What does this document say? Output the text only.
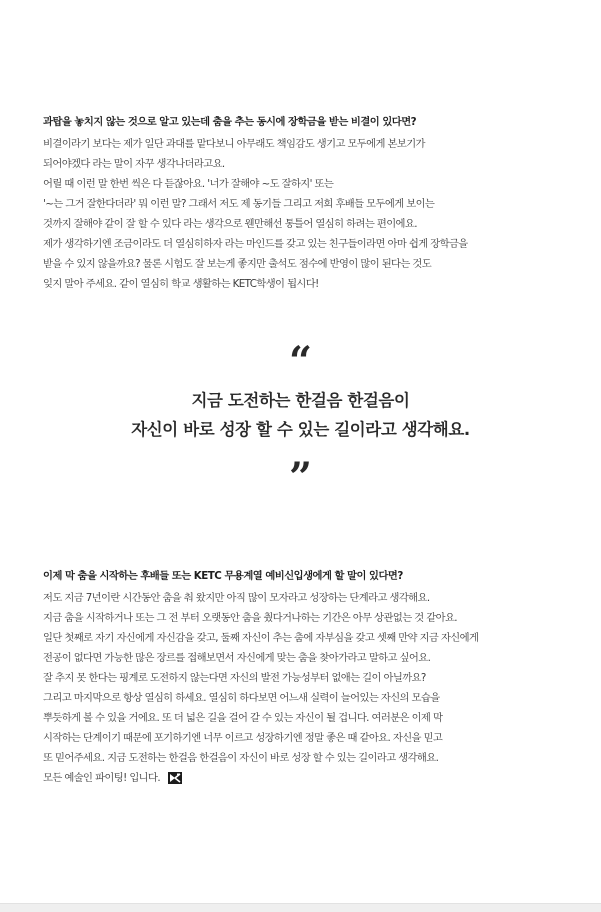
과탑을 놓치지 않는 것으로 알고 있는데 춤을 추는 동시에 장학금을 받는 비결이 있다면?

비결이라기 보다는 제가 일단 과대를 맡다보니 아무래도 책임감도 생기고 모두에게 본보기가

되어야겠다 라는 말이 자꾸 생각나더라고요.

어릴 때 이런 말 한번 씩은 다 듣잖아요. '너가 잘해야 ~도 잘하지' 또는

'~는 그거 잘한다더라' 뭐 이런 말? 그래서 저도 제 동기들 그리고 저희 후배들 모두에게 보이는

것까지 잘해야 같이 잘 할 수 있다 라는 생각으로 웬만해선 통틀어 열심히 하려는 편이에요.

제가 생각하기엔 조금이라도 더 열심히하자 라는 마인드를 갖고 있는 친구들이라면 아마 쉽게 장학금을

받을 수 있지 않을까요? 물론 시험도 잘 보는게 좋지만 출석도 점수에 반영이 많이 된다는 것도

잊지 말아 주세요. 같이 열심히 학교 생활하는 KETC학생이 됩시다!

“

지금 도전하는 한걸음 한걸음이

자신이 바로 성장 할 수 있는 길이라고 생각해요.

”

이제 막 춤을 시작하는 후배들 또는 KETC 무용계열 예비신입생에게 할 말이 있다면?

저도 지금 7년이란 시간동안 춤을 춰 왔지만 아직 많이 모자라고 성장하는 단계라고 생각해요.

지금 춤을 시작하거나 또는 그 전 부터 오랫동안 춤을 췄다거나하는 기간은 아무 상관없는 것 같아요.

일단 첫째로 자기 자신에게 자신감을 갖고, 둘째 자신이 추는 춤에 자부심을 갖고 셋째 만약 지금 자신에게

전공이 없다면 가능한 많은 장르를 접해보면서 자신에게 맞는 춤을 찾아가라고 말하고 싶어요.

잘 추지 못 한다는 핑계로 도전하지 않는다면 자신의 발전 가능성부터 없애는 길이 아닐까요?

그리고 마지막으로 항상 열심히 하세요. 열심히 하다보면 어느새 실력이 늘어있는 자신의 모습을

뿌듯하게 볼 수 있을 거에요. 또 더 넓은 길을 걸어 갈 수 있는 자신이 될 겁니다. 여러분은 이제 막

시작하는 단계이기 때문에 포기하기엔 너무 이르고 성장하기엔 정말 좋은 때 같아요. 자신을 믿고

또 믿어주세요. 지금 도전하는 한걸음 한걸음이 자신이 바로 성장 할 수 있는 길이라고 생각해요.

모든 예술인 파이팅! 입니다.
